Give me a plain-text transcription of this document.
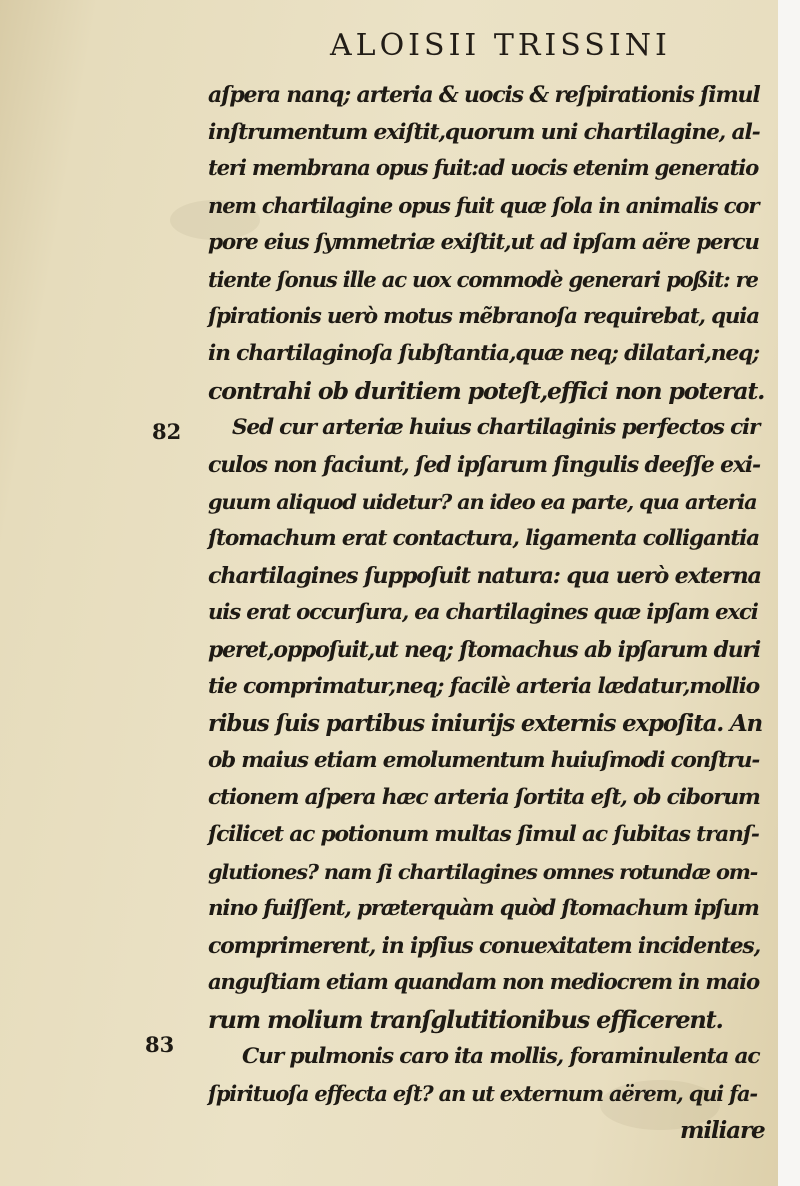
ALOISII TRISSINI
82
83
aſpera nanq; arteria & uocis & reſpirationis ſimul
inſtrumentum exiſtit,quorum uni chartilagine, al-
teri membrana opus fuit:ad uocis etenim generatio
nem chartilagine opus fuit quæ ſola in animalis cor
pore eius ſymmetriæ exiſtit,ut ad ipſam aëre percu
tiente ſonus ille ac uox commodè generari poßit: re
ſpirationis uerò motus mẽbranoſa requirebat, quia
in chartilaginoſa ſubſtantia,quæ neq; dilatari,neq;
contrahi ob duritiem poteſt,effici non poterat.
Sed cur arteriæ huius chartilaginis perfectos cir
culos non faciunt, ſed ipſarum ſingulis deeſſe exi-
guum aliquod uidetur? an ideo ea parte, qua arteria
ſtomachum erat contactura, ligamenta colligantia
chartilagines ſuppoſuit natura: qua uerò externa
uis erat occurſura, ea chartilagines quæ ipſam exci
peret,oppoſuit,ut neq; ſtomachus ab ipſarum duri
tie comprimatur,neq; facilè arteria lædatur,mollio
ribus ſuis partibus iniurijs externis expoſita. An
ob maius etiam emolumentum huiuſmodi conſtru-
ctionem aſpera hæc arteria ſortita eſt, ob ciborum
ſcilicet ac potionum multas ſimul ac ſubitas tranſ-
glutiones? nam ſi chartilagines omnes rotundæ om-
nino fuiſſent, præterquàm quòd ſtomachum ipſum
comprimerent, in ipſius conuexitatem incidentes,
anguſtiam etiam quandam non mediocrem in maio
rum molium tranſglutitionibus efficerent.
Cur pulmonis caro ita mollis, foraminulenta ac
ſpirituoſa effecta eſt? an ut externum aërem, qui fa-
miliare
